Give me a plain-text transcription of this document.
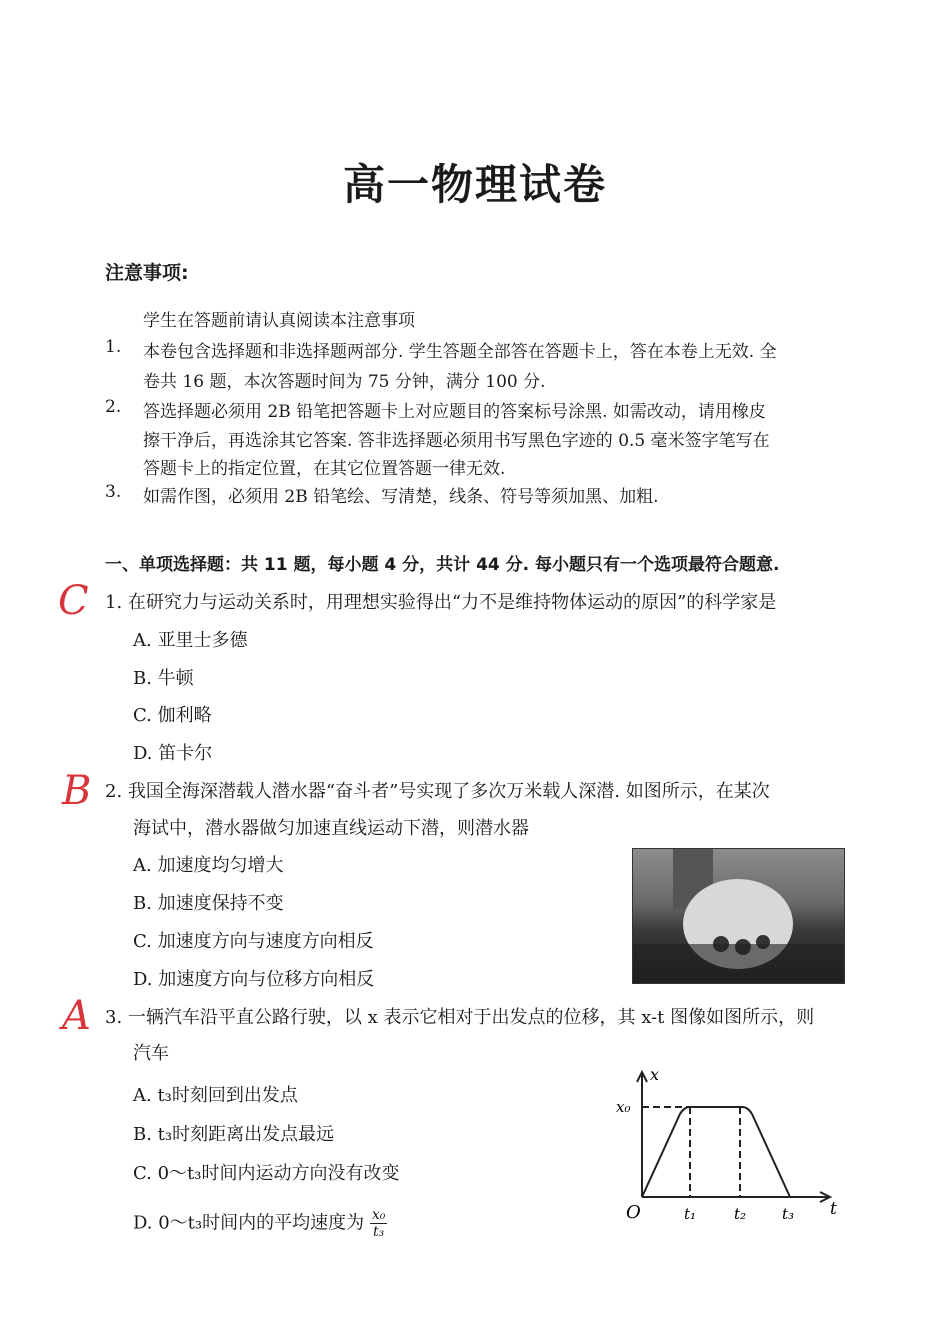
高一物理试卷
注意事项:
学生在答题前请认真阅读本注意事项
1. 本卷包含选择题和非选择题两部分. 学生答题全部答在答题卡上，答在本卷上无效. 全
卷共 16 题，本次答题时间为 75 分钟，满分 100 分.
2. 答选择题必须用 2B 铅笔把答题卡上对应题目的答案标号涂黑. 如需改动，请用橡皮
擦干净后，再选涂其它答案. 答非选择题必须用书写黑色字迹的 0.5 毫米签字笔写在
答题卡上的指定位置，在其它位置答题一律无效.
3. 如需作图，必须用 2B 铅笔绘、写清楚，线条、符号等须加黑、加粗.
一、单项选择题：共 11 题，每小题 4 分，共计 44 分. 每小题只有一个选项最符合题意.
C 1. 在研究力与运动关系时，用理想实验得出“力不是维持物体运动的原因”的科学家是
A. 亚里士多德
B. 牛顿
C. 伽利略
D. 笛卡尔
B 2. 我国全海深潜载人潜水器“奋斗者”号实现了多次万米载人深潜. 如图所示，在某次
海试中，潜水器做匀加速直线运动下潜，则潜水器
A. 加速度均匀增大
B. 加速度保持不变
C. 加速度方向与速度方向相反
D. 加速度方向与位移方向相反
A 3. 一辆汽车沿平直公路行驶，以 x 表示它相对于出发点的位移，其 x-t 图像如图所示，则
汽车
A. t₃时刻回到出发点
B. t₃时刻距离出发点最远
C. 0～t₃时间内运动方向没有改变
D. 0～t₃时间内的平均速度为 $\frac{\text{x₀}}{\text{t₃}}$
x
x₀
O	t₁	t₂ t₃ t
